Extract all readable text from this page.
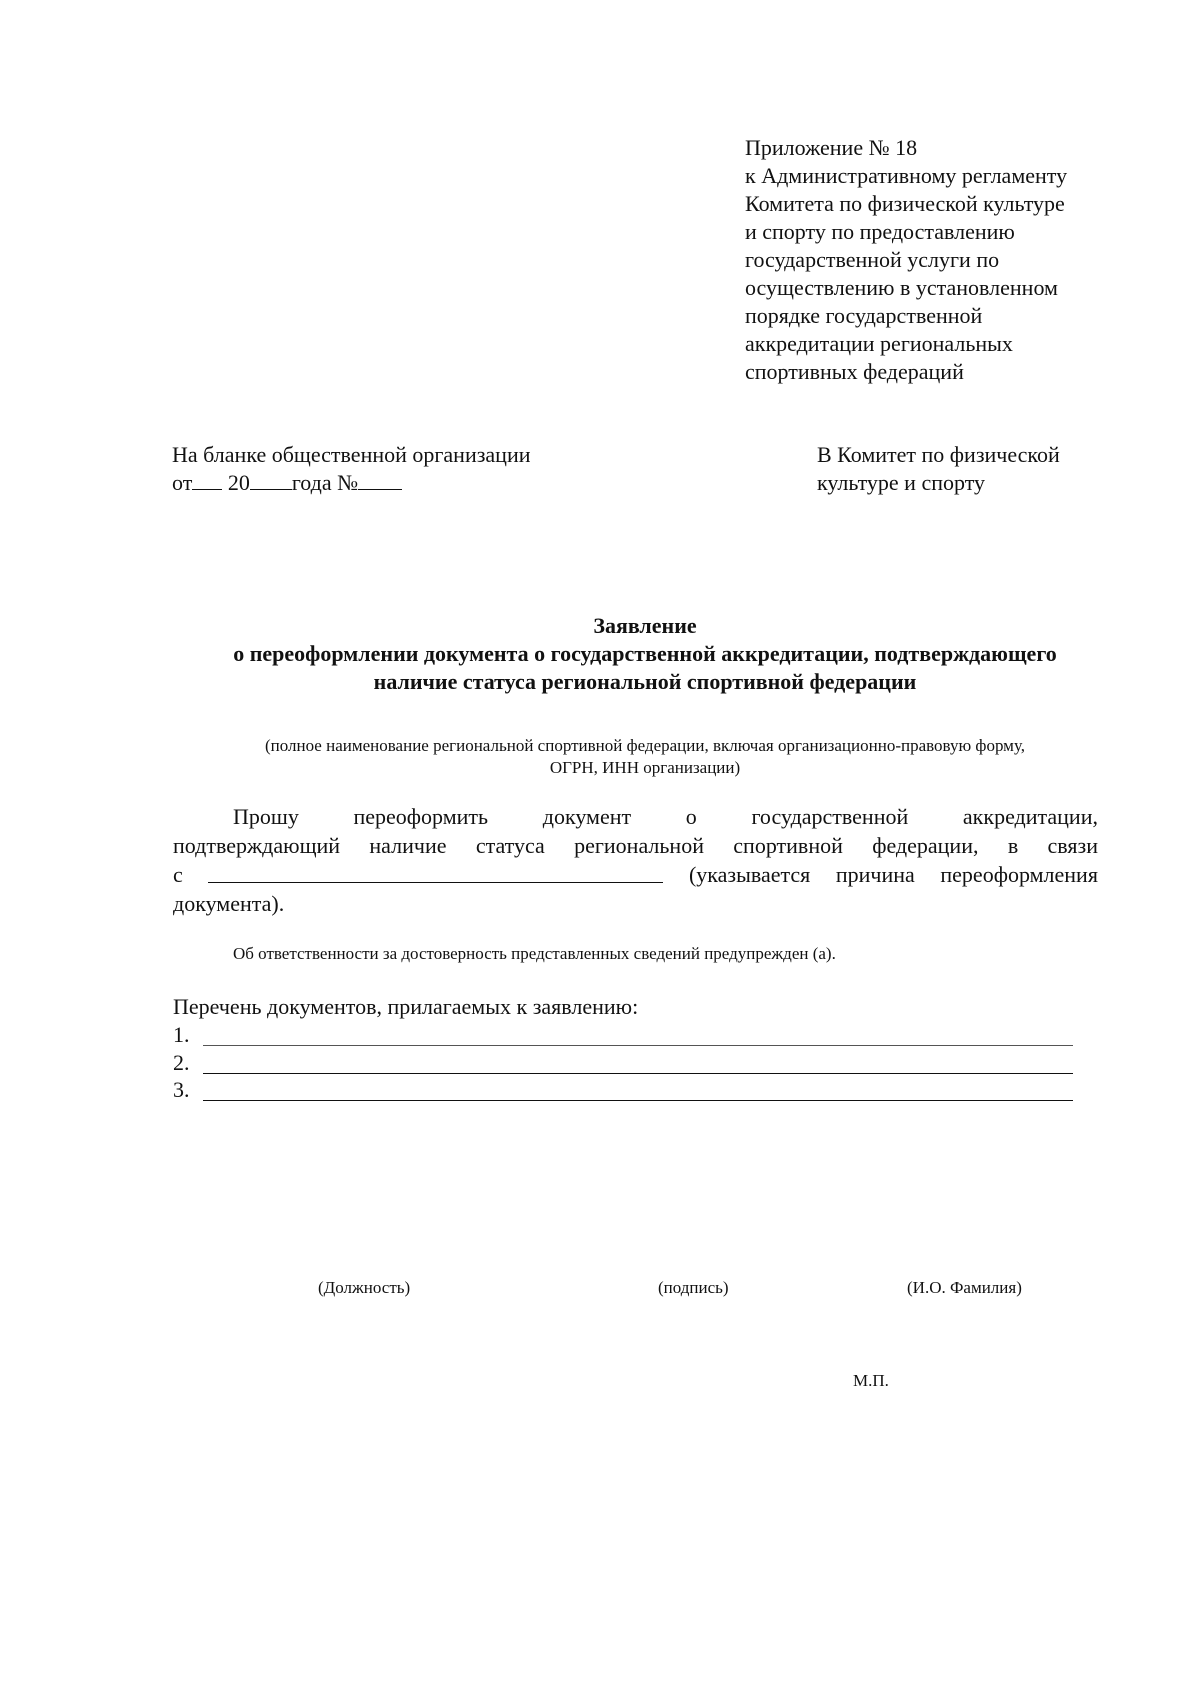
Приложение № 18
к Административному регламенту
Комитета по физической культуре
и спорту по предоставлению
государственной услуги по
осуществлению в установленном
порядке государственной
аккредитации региональных
спортивных федераций
На бланке общественной организации
от 20 года №
В Комитет по физической
культуре и спорту
Заявление
о переоформлении документа о государственной аккредитации, подтверждающего
наличие статуса региональной спортивной федерации
(полное наименование региональной спортивной федерации, включая организационно-правовую форму,
ОГРН, ИНН организации)
Прошу переоформить документ о государственной аккредитации,
подтверждающий наличие статуса региональной спортивной федерации, в связи
с	(указывается причина переоформления
документа).
Об ответственности за достоверность представленных сведений предупрежден (а).
Перечень документов, прилагаемых к заявлению:
1.
2.
3.
(Должность)	(подпись)	(И.О. Фамилия)
М.П.
